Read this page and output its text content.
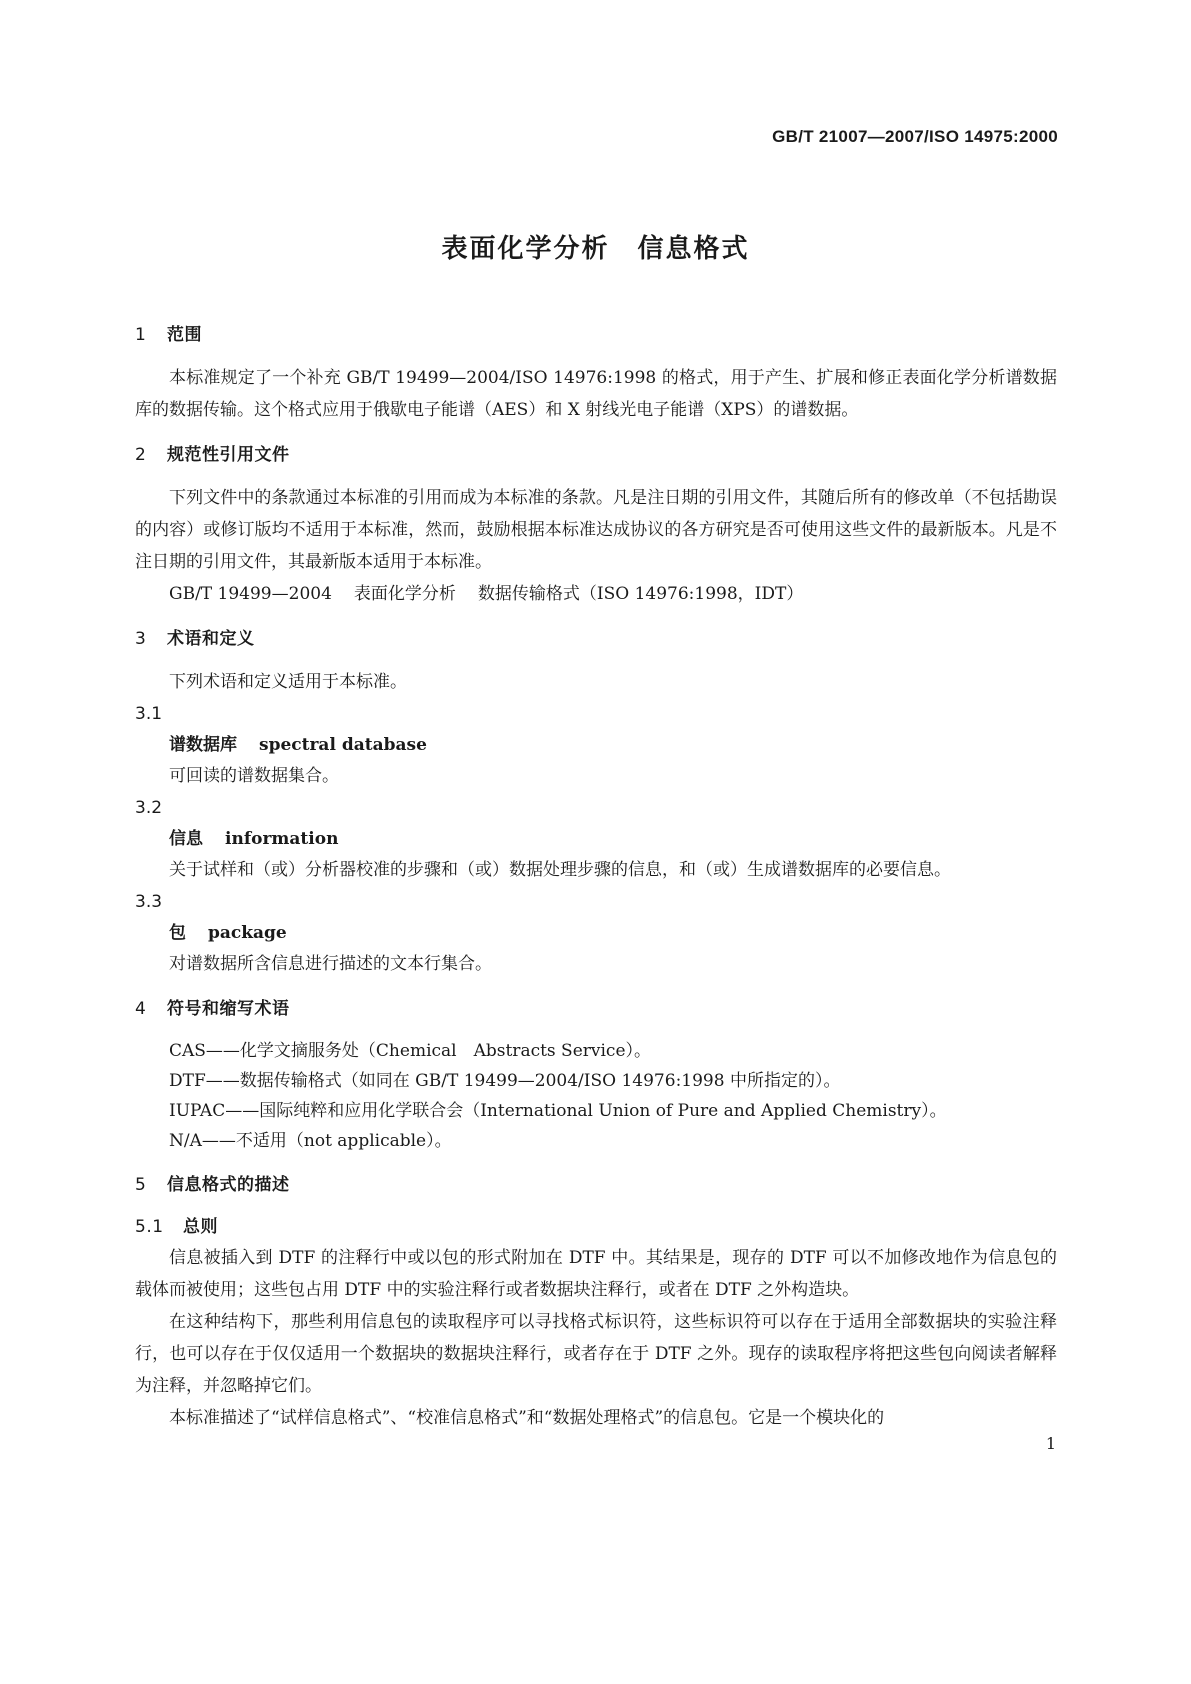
GB/T 21007—2007/ISO 14975:2000
表面化学分析　信息格式
1 范围

本标准规定了一个补充 GB/T 19499—2004/ISO 14976:1998 的格式，用于产生、扩展和修正表面化学分析谱数据库的数据传输。这个格式应用于俄歇电子能谱（AES）和 X 射线光电子能谱（XPS）的谱数据。

2 规范性引用文件

下列文件中的条款通过本标准的引用而成为本标准的条款。凡是注日期的引用文件，其随后所有的修改单（不包括勘误的内容）或修订版均不适用于本标准，然而，鼓励根据本标准达成协议的各方研究是否可使用这些文件的最新版本。凡是不注日期的引用文件，其最新版本适用于本标准。

GB/T 19499—2004 表面化学分析 数据传输格式（ISO 14976:1998，IDT）

3 术语和定义

下列术语和定义适用于本标准。

3.1
谱数据库 spectral database
可回读的谱数据集合。
3.2
信息 information
关于试样和（或）分析器校准的步骤和（或）数据处理步骤的信息，和（或）生成谱数据库的必要信息。
3.3
包 package
对谱数据所含信息进行描述的文本行集合。
4 符号和缩写术语
CAS——化学文摘服务处（Chemical　Abstracts Service）。
DTF——数据传输格式（如同在 GB/T 19499—2004/ISO 14976:1998 中所指定的）。
IUPAC——国际纯粹和应用化学联合会（International Union of Pure and Applied Chemistry）。
N/A——不适用（not applicable）。
5 信息格式的描述
5.1 总则

信息被插入到 DTF 的注释行中或以包的形式附加在 DTF 中。其结果是，现存的 DTF 可以不加修改地作为信息包的载体而被使用；这些包占用 DTF 中的实验注释行或者数据块注释行，或者在 DTF 之外构造块。

在这种结构下，那些利用信息包的读取程序可以寻找格式标识符，这些标识符可以存在于适用全部数据块的实验注释行，也可以存在于仅仅适用一个数据块的数据块注释行，或者存在于 DTF 之外。现存的读取程序将把这些包向阅读者解释为注释，并忽略掉它们。

本标准描述了“试样信息格式”、“校准信息格式”和“数据处理格式”的信息包。它是一个模块化的

1
